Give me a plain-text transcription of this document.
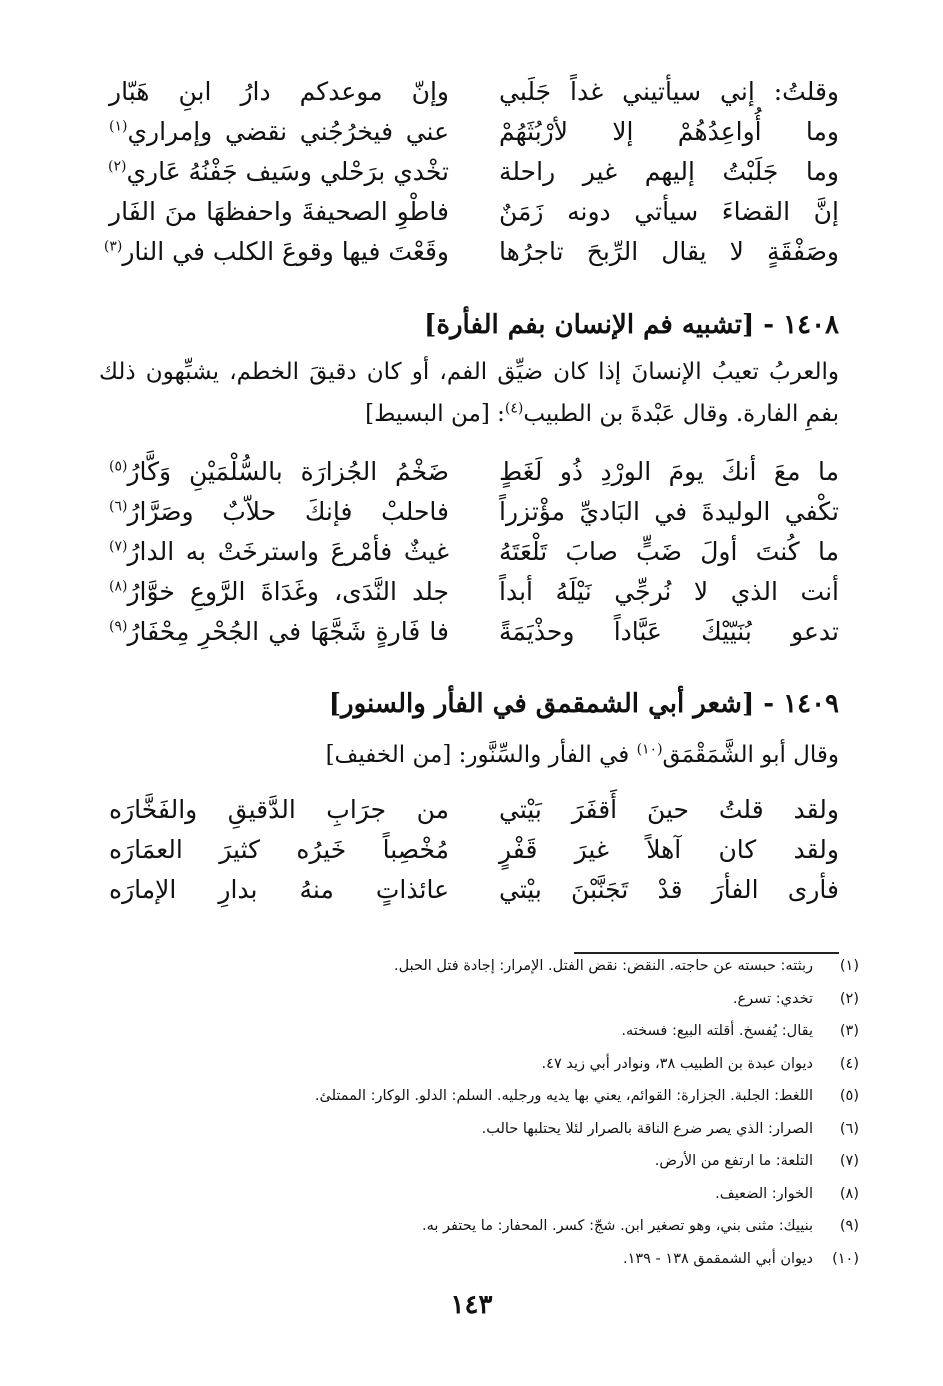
وقلتُ: إني سيأتيني غداً جَلَبي
وإنّ موعدكم دارُ ابنِ هَبّار
وما أُواعِدُهُمْ إلا لأرْبُثَهُمْ
عني فيخرُجُني نقضي وإمراري$^{(١)}$
وما جَلَبْتُ إليهم غير راحلة
تخْدي برَحْلي وسَيف جَفْنُهُ عَاري$^{(٢)}$
إنَّ القضاءَ سيأتي دونه زَمَنٌ
فاطْوِ الصحيفةَ واحفظهَا منَ الفَار
وصَفْقَةٍ لا يقال الرِّبحَ تاجرُها
وقَعْتَ فيها وقوعَ الكلب في النار$^{(٣)}$
١٤٠٨ - [تشبيه فم الإنسان بفم الفأرة]
والعربُ تعيبُ الإنسانَ إذا كان ضيِّق الفم، أو كان دقيقَ الخطم، يشبِّهون ذلك بفمِ الفارة. وقال عَبْدةَ بن الطبيب$^{(٤)}$: [من البسيط]
ما معَ أنكَ يومَ الورْدِ ذُو لَغَطٍ
ضَخْمُ الجُزارَة بالسُّلْمَيْنِ وَكَّارُ$^{(٥)}$
تكْفي الوليدةَ في البَاديِّ مؤْتزراً
فاحلبْ فإنكَ حلاّبٌ وصَرَّارُ$^{(٦)}$
ما كُنتَ أولَ ضَبٍّ صابَ تَلْعَتَهُ
غيثٌ فأمْرعَ واسترخَتْ به الدارُ$^{(٧)}$
أنت الذي لا نُرجِّي نَيْلَهُ أبداً
جلد النَّدَى، وغَدَاةَ الرَّوعِ خوَّارُ$^{(٨)}$
تدعو بُنَيّيْكَ عَبَّاداً وحذْيَمَةً
فا فَارةٍ شَجَّهَا في الجُحْرِ مِحْفَارُ$^{(٩)}$
١٤٠٩ - [شعر أبي الشمقمق في الفأر والسنور]
وقال أبو الشَّمَقْمَق$^{(١٠)}$ في الفأر والسِّنَّور: [من الخفيف]
ولقد قلتُ حينَ أَقفَرَ بَيْتي
من جرَابِ الدَّقيقِ والفَخَّارَه
ولقد كان آهلاً غيرَ قَفْرٍ
مُخْصِباً خَيرُه كثيرَ العمَارَه
فأرى الفأرَ قدْ تَجَنَّبْنَ بيْتي
عائذاتٍ منهُ بدارِ الإمارَه
(١)ربثته: حبسته عن حاجته. النقض: نقض الفتل. الإمرار: إجادة فتل الحبل.
(٢)تخدي: تسرع.
(٣)يقال: يُفسخ. أقلته البيع: فسخته.
(٤)ديوان عبدة بن الطبيب ٣٨، ونوادر أبي زيد ٤٧.
(٥)اللغط: الجلبة. الجزارة: القوائم، يعني بها يديه ورجليه. السلم: الدلو. الوكار: الممتلئ.
(٦)الصرار: الذي يصر ضرع الناقة بالصرار لئلا يحتلبها حالب.
(٧)التلعة: ما ارتفع من الأرض.
(٨)الخوار: الضعيف.
(٩)بنييك: مثنى بني، وهو تصغير ابن. شجّ: كسر. المحفار: ما يحتفر به.
(١٠)ديوان أبي الشمقمق ١٣٨ - ١٣٩.
١٤٣
